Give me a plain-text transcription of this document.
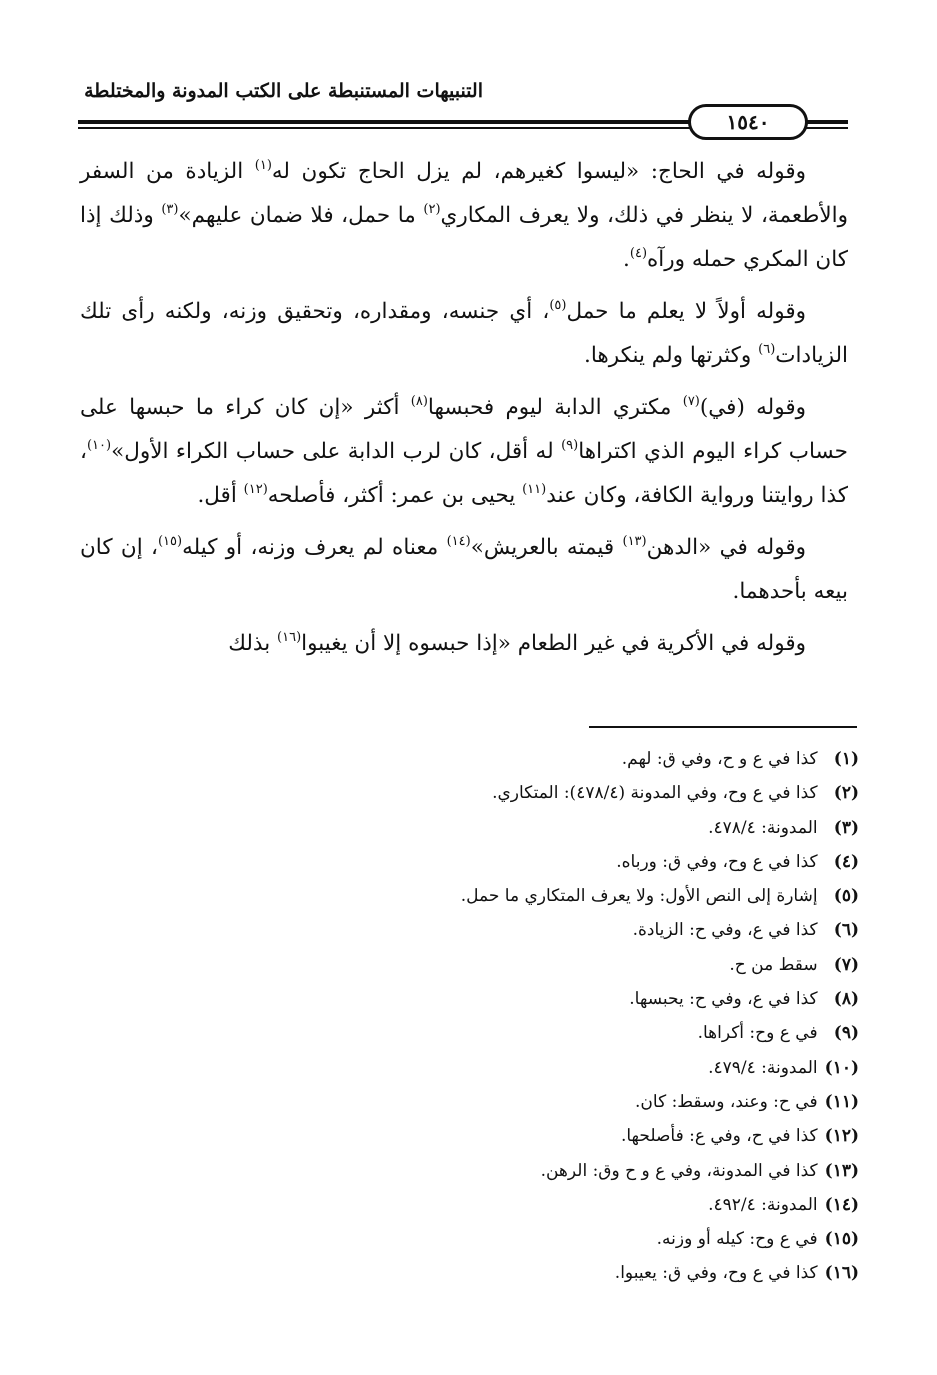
التنبيهات المستنبطة على الكتب المدونة والمختلطة
١٥٤٠

وقوله في الحاج: «ليسوا كغيرهم، لم يزل الحاج تكون له$^{(١)}$ الزيادة من السفر والأطعمة، لا ينظر في ذلك، ولا يعرف المكاري$^{(٢)}$ ما حمل، فلا ضمان عليهم»$^{(٣)}$ وذلك إذا كان المكري حمله ورآه$^{(٤)}$.

وقوله أولاً لا يعلم ما حمل$^{(٥)}$، أي جنسه، ومقداره، وتحقيق وزنه، ولكنه رأى تلك الزيادات$^{(٦)}$ وكثرتها ولم ينكرها.

وقوله (في)$^{(٧)}$ مكتري الدابة ليوم فحبسها$^{(٨)}$ أكثر «إن كان كراء ما حبسها على حساب كراء اليوم الذي اكتراها$^{(٩)}$ له أقل، كان لرب الدابة على حساب الكراء الأول»$^{(١٠)}$، كذا روايتنا ورواية الكافة، وكان عند$^{(١١)}$ يحيى بن عمر: أكثر، فأصلحه$^{(١٢)}$ أقل.

وقوله في «الدهن$^{(١٣)}$ قيمته بالعريش»$^{(١٤)}$ معناه لم يعرف وزنه، أو كيله$^{(١٥)}$، إن كان بيعه بأحدهما.

وقوله في الأكرية في غير الطعام «إذا حبسوه إلا أن يغيبوا$^{(١٦)}$ بذلك

(١) كذا في ع و ح، وفي ق: لهم.
(٢) كذا في ع وح، وفي المدونة (٤٧٨/٤): المتكاري.
(٣) المدونة: ٤٧٨/٤.
(٤) كذا في ع وح، وفي ق: ورباه.
(٥) إشارة إلى النص الأول: ولا يعرف المتكاري ما حمل.
(٦) كذا في ع، وفي ح: الزيادة.
(٧) سقط من ح.
(٨) كذا في ع، وفي ح: يحبسها.
(٩) في ع وح: أكراها.
(١٠) المدونة: ٤٧٩/٤.
(١١) في ح: وعند، وسقط: كان.
(١٢) كذا في ح، وفي ع: فأصلحها.
(١٣) كذا في المدونة، وفي ع و ح وق: الرهن.
(١٤) المدونة: ٤٩٢/٤.
(١٥) في ع وح: كيله أو وزنه.
(١٦) كذا في ع وح، وفي ق: يعيبوا.
